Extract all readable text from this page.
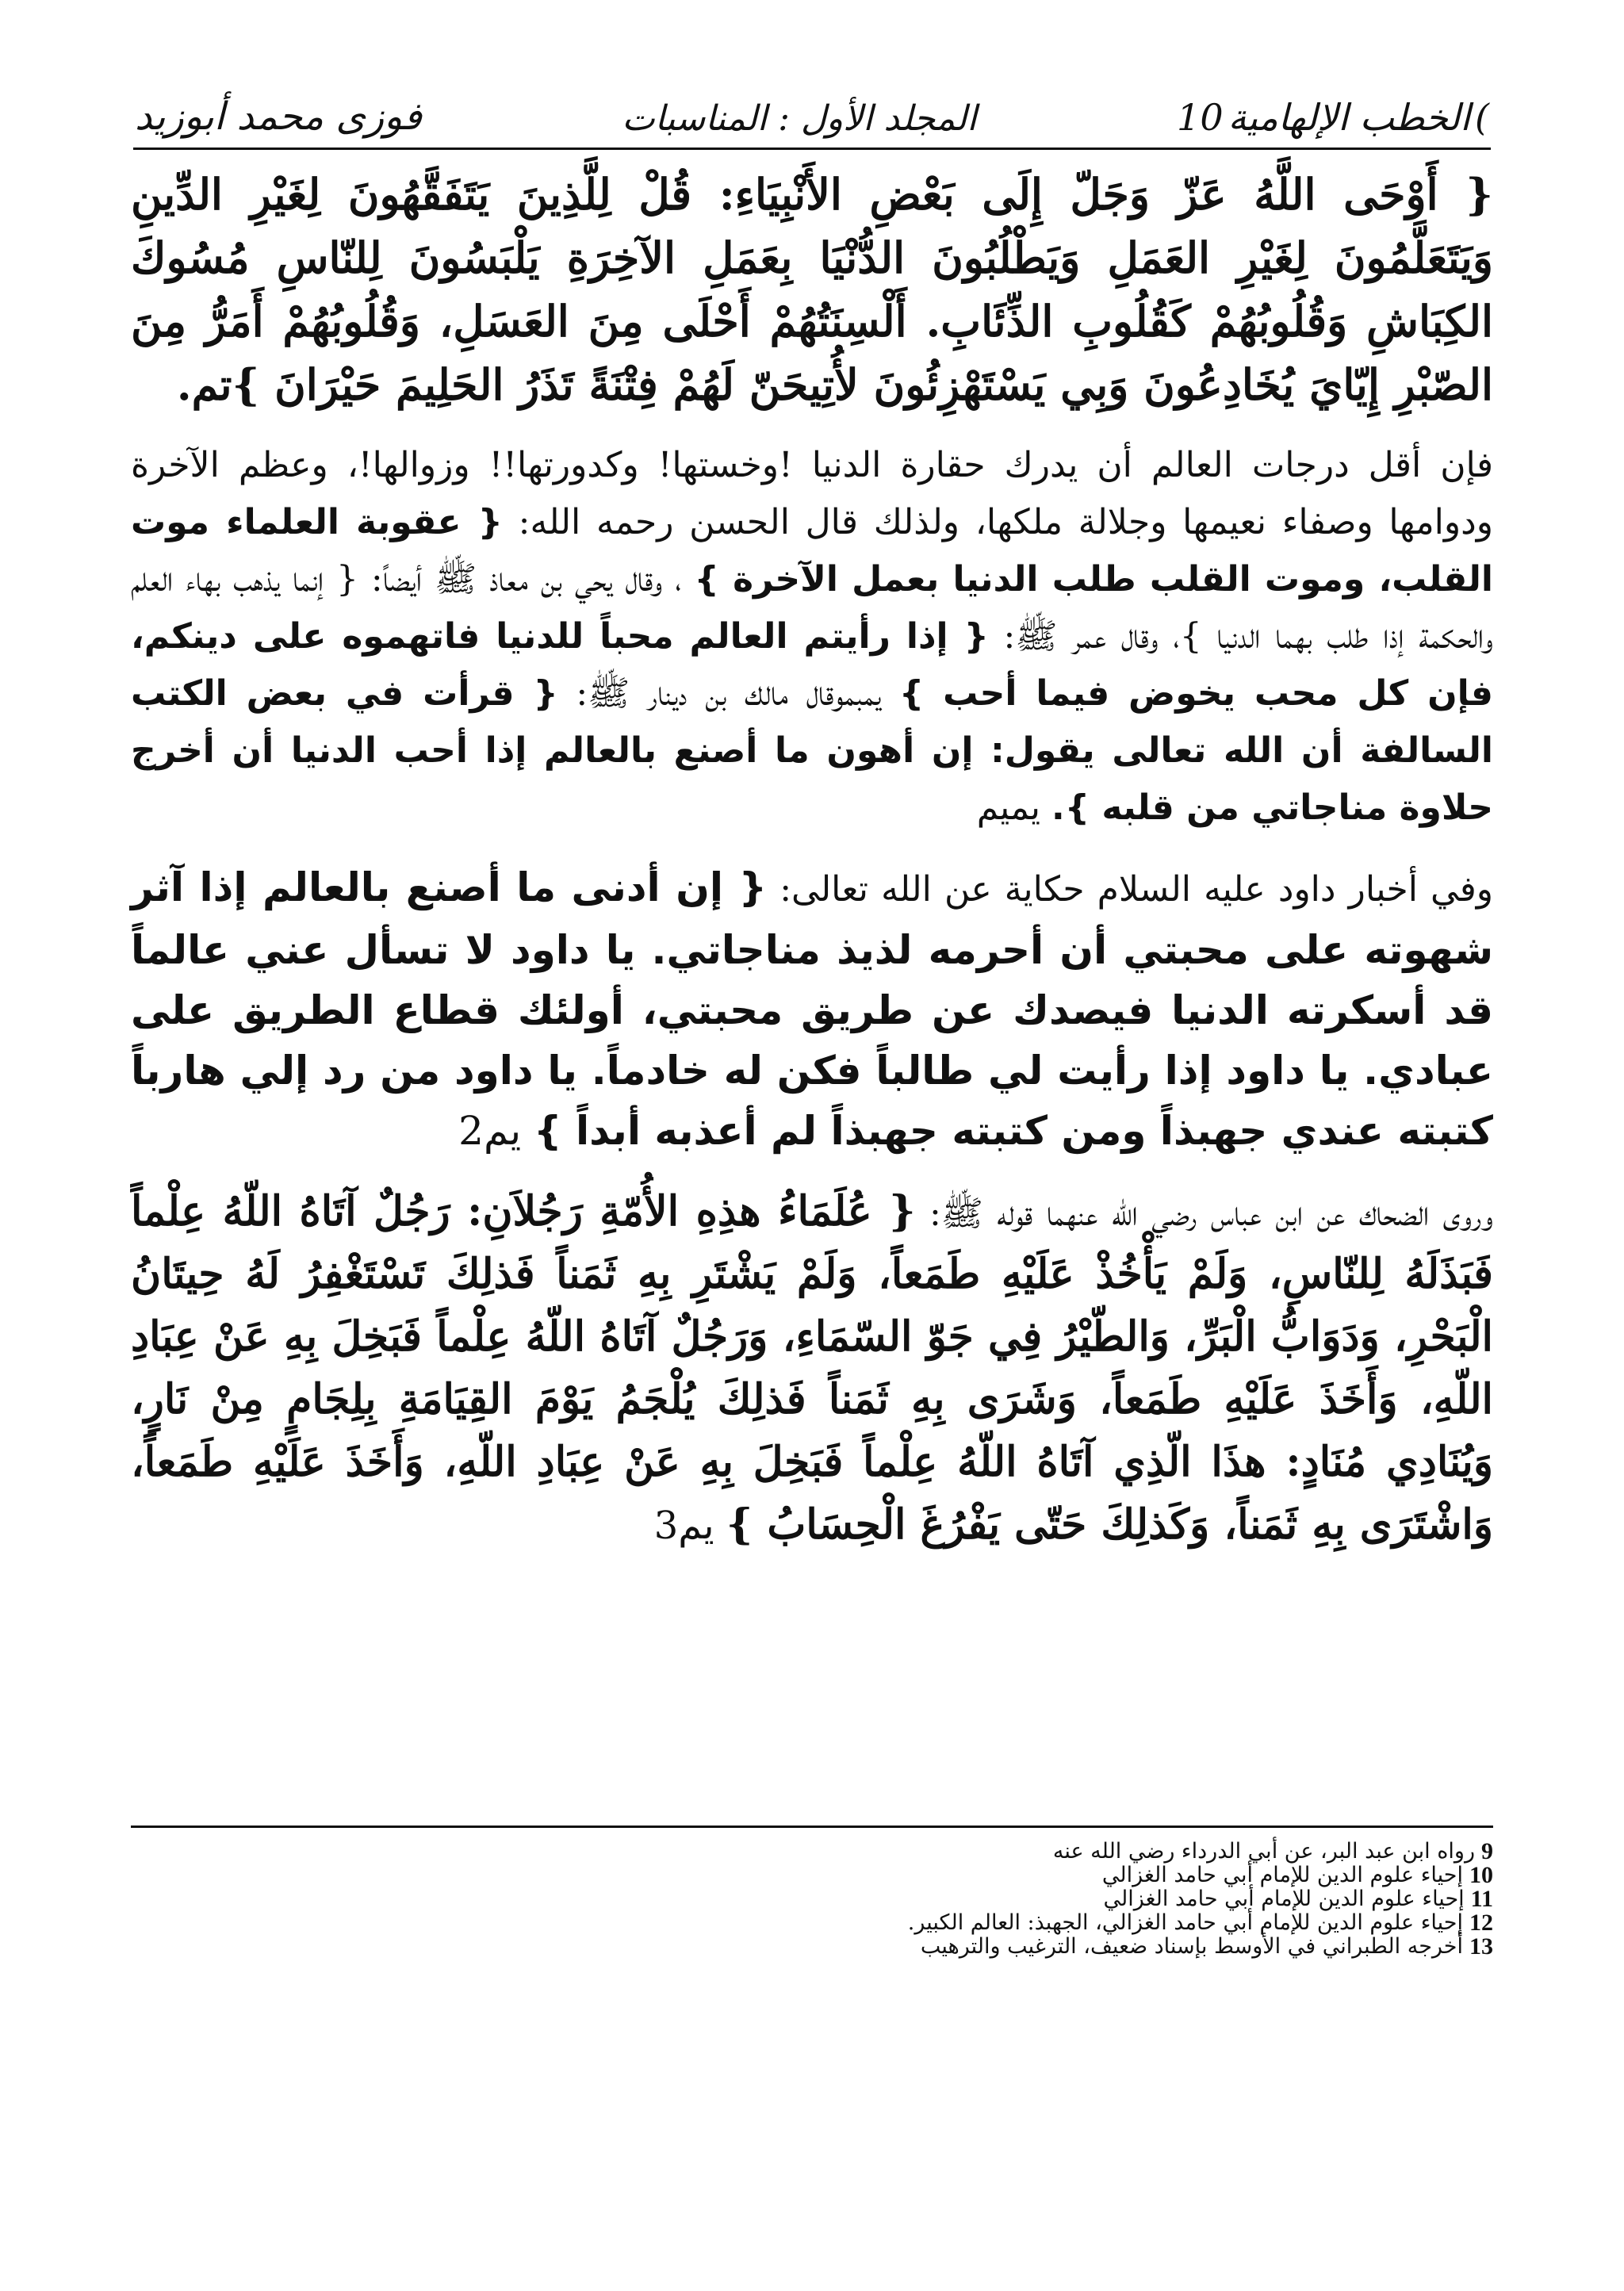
)
الخطب الإلهامية
10
المجلد الأول : المناسبات
فوزى محمد أبوزيد

{ أَوْحَى اللَّهُ عَزّ وَجَلّ إِلَى بَعْضِ الأَنْبِيَاءِ: قُلْ لِلَّذِينَ يَتَفَقَّهُونَ لِغَيْرِ الدِّينِ وَيَتَعَلَّمُونَ لِغَيْرِ العَمَلِ وَيَطْلُبُونَ الدُّنْيَا بِعَمَلِ الآخِرَةِ يَلْبَسُونَ لِلنّاسِ مُسُوكَ الكِبَاشِ وَقُلُوبُهُمْ كَقُلُوبِ الذِّئَابِ. أَلْسِنَتُهُمْ أَحْلَى مِنَ العَسَلِ، وَقُلُوبُهُمْ أَمَرُّ مِنَ الصّبْرِ إِيّايَ يُخَادِعُونَ وَبِي يَسْتَهْزِئُونَ لأُتِيحَنّ لَهُمْ فِتْنَةً تَذَرُ الحَلِيمَ حَيْرَانَ }تم.

فإن أقل درجات العالم أن يدرك حقارة الدنيا !وخستها! وكدورتها!! وزوالها!، وعظم الآخرة ودوامها وصفاء نعيمها وجلالة ملكها، ولذلك قال الحسن رحمه الله: { عقوبة العلماء موت القلب، وموت القلب طلب الدنيا بعمل الآخرة } ، وقال يحي بن معاذ ﷺ أيضاً: { إنما يذهب بهاء العلم والحكمة إذا طلب بهما الدنيا }، وقال عمر ﷺ: { إذا رأيتم العالم محباً للدنيا فاتهموه على دينكم، فإن كل محب يخوض فيما أحب } يمبموقال مالك بن دينار ﷺ: { قرأت في بعض الكتب السالفة أن الله تعالى يقول: إن أهون ما أصنع بالعالم إذا أحب الدنيا أن أخرج حلاوة مناجاتي من قلبه }. يميم

وفي أخبار داود عليه السلام حكاية عن الله تعالى: { إن أدنى ما أصنع بالعالم إذا آثر شهوته على محبتي أن أحرمه لذيذ مناجاتي. يا داود لا تسأل عني عالماً قد أسكرته الدنيا فيصدك عن طريق محبتي، أولئك قطاع الطريق على عبادي. يا داود إذا رأيت لي طالباً فكن له خادماً. يا داود من رد إلي هارباً كتبته عندي جهبذاً ومن كتبته جهبذاً لم أعذبه أبداً } يم2

وروى الضحاك عن ابن عباس رضي الله عنهما قوله ﷺ: { عُلَمَاءُ هذِهِ الأُمّةِ رَجُلاَنِ: رَجُلٌ آتَاهُ اللّهُ عِلْماً فَبَذَلَهُ لِلنّاسِ، وَلَمْ يَأْخُذْ عَلَيْهِ طَمَعاً، وَلَمْ يَشْتَرِ بِهِ ثَمَناً فَذلِكَ تَسْتَغْفِرُ لَهُ حِيتَانُ الْبَحْرِ، وَدَوَابُّ الْبَرِّ، وَالطّيْرُ فِي جَوّ السّمَاءِ، وَرَجُلٌ آتَاهُ اللّهُ عِلْماً فَبَخِلَ بِهِ عَنْ عِبَادِ اللّهِ، وَأَخَذَ عَلَيْهِ طَمَعاً، وَشَرَى بِهِ ثَمَناً فَذلِكَ يُلْجَمُ يَوْمَ القِيَامَةِ بِلِجَامٍ مِنْ نَارٍ، وَيُنَادِي مُنَادٍ: هذَا الّذِي آتَاهُ اللّهُ عِلْماً فَبَخِلَ بِهِ عَنْ عِبَادِ اللّهِ، وَأَخَذَ عَلَيْهِ طَمَعاً، وَاشْتَرَى بِهِ ثَمَناً، وَكَذلِكَ حَتّى يَفْرُغَ الْحِسَابُ } يم3

9
رواه ابن عبد البر، عن أبي الدرداء رضي الله عنه
10
إحياء علوم الدين للإمام أبي حامد الغزالي
11
إحياء علوم الدين للإمام أبي حامد الغزالي
12
إحياء علوم الدين للإمام أبي حامد الغزالي، الجهبذ: العالم الكبير.
13
أخرجه الطبراني في الأوسط بإسناد ضعيف، الترغيب والترهيب
